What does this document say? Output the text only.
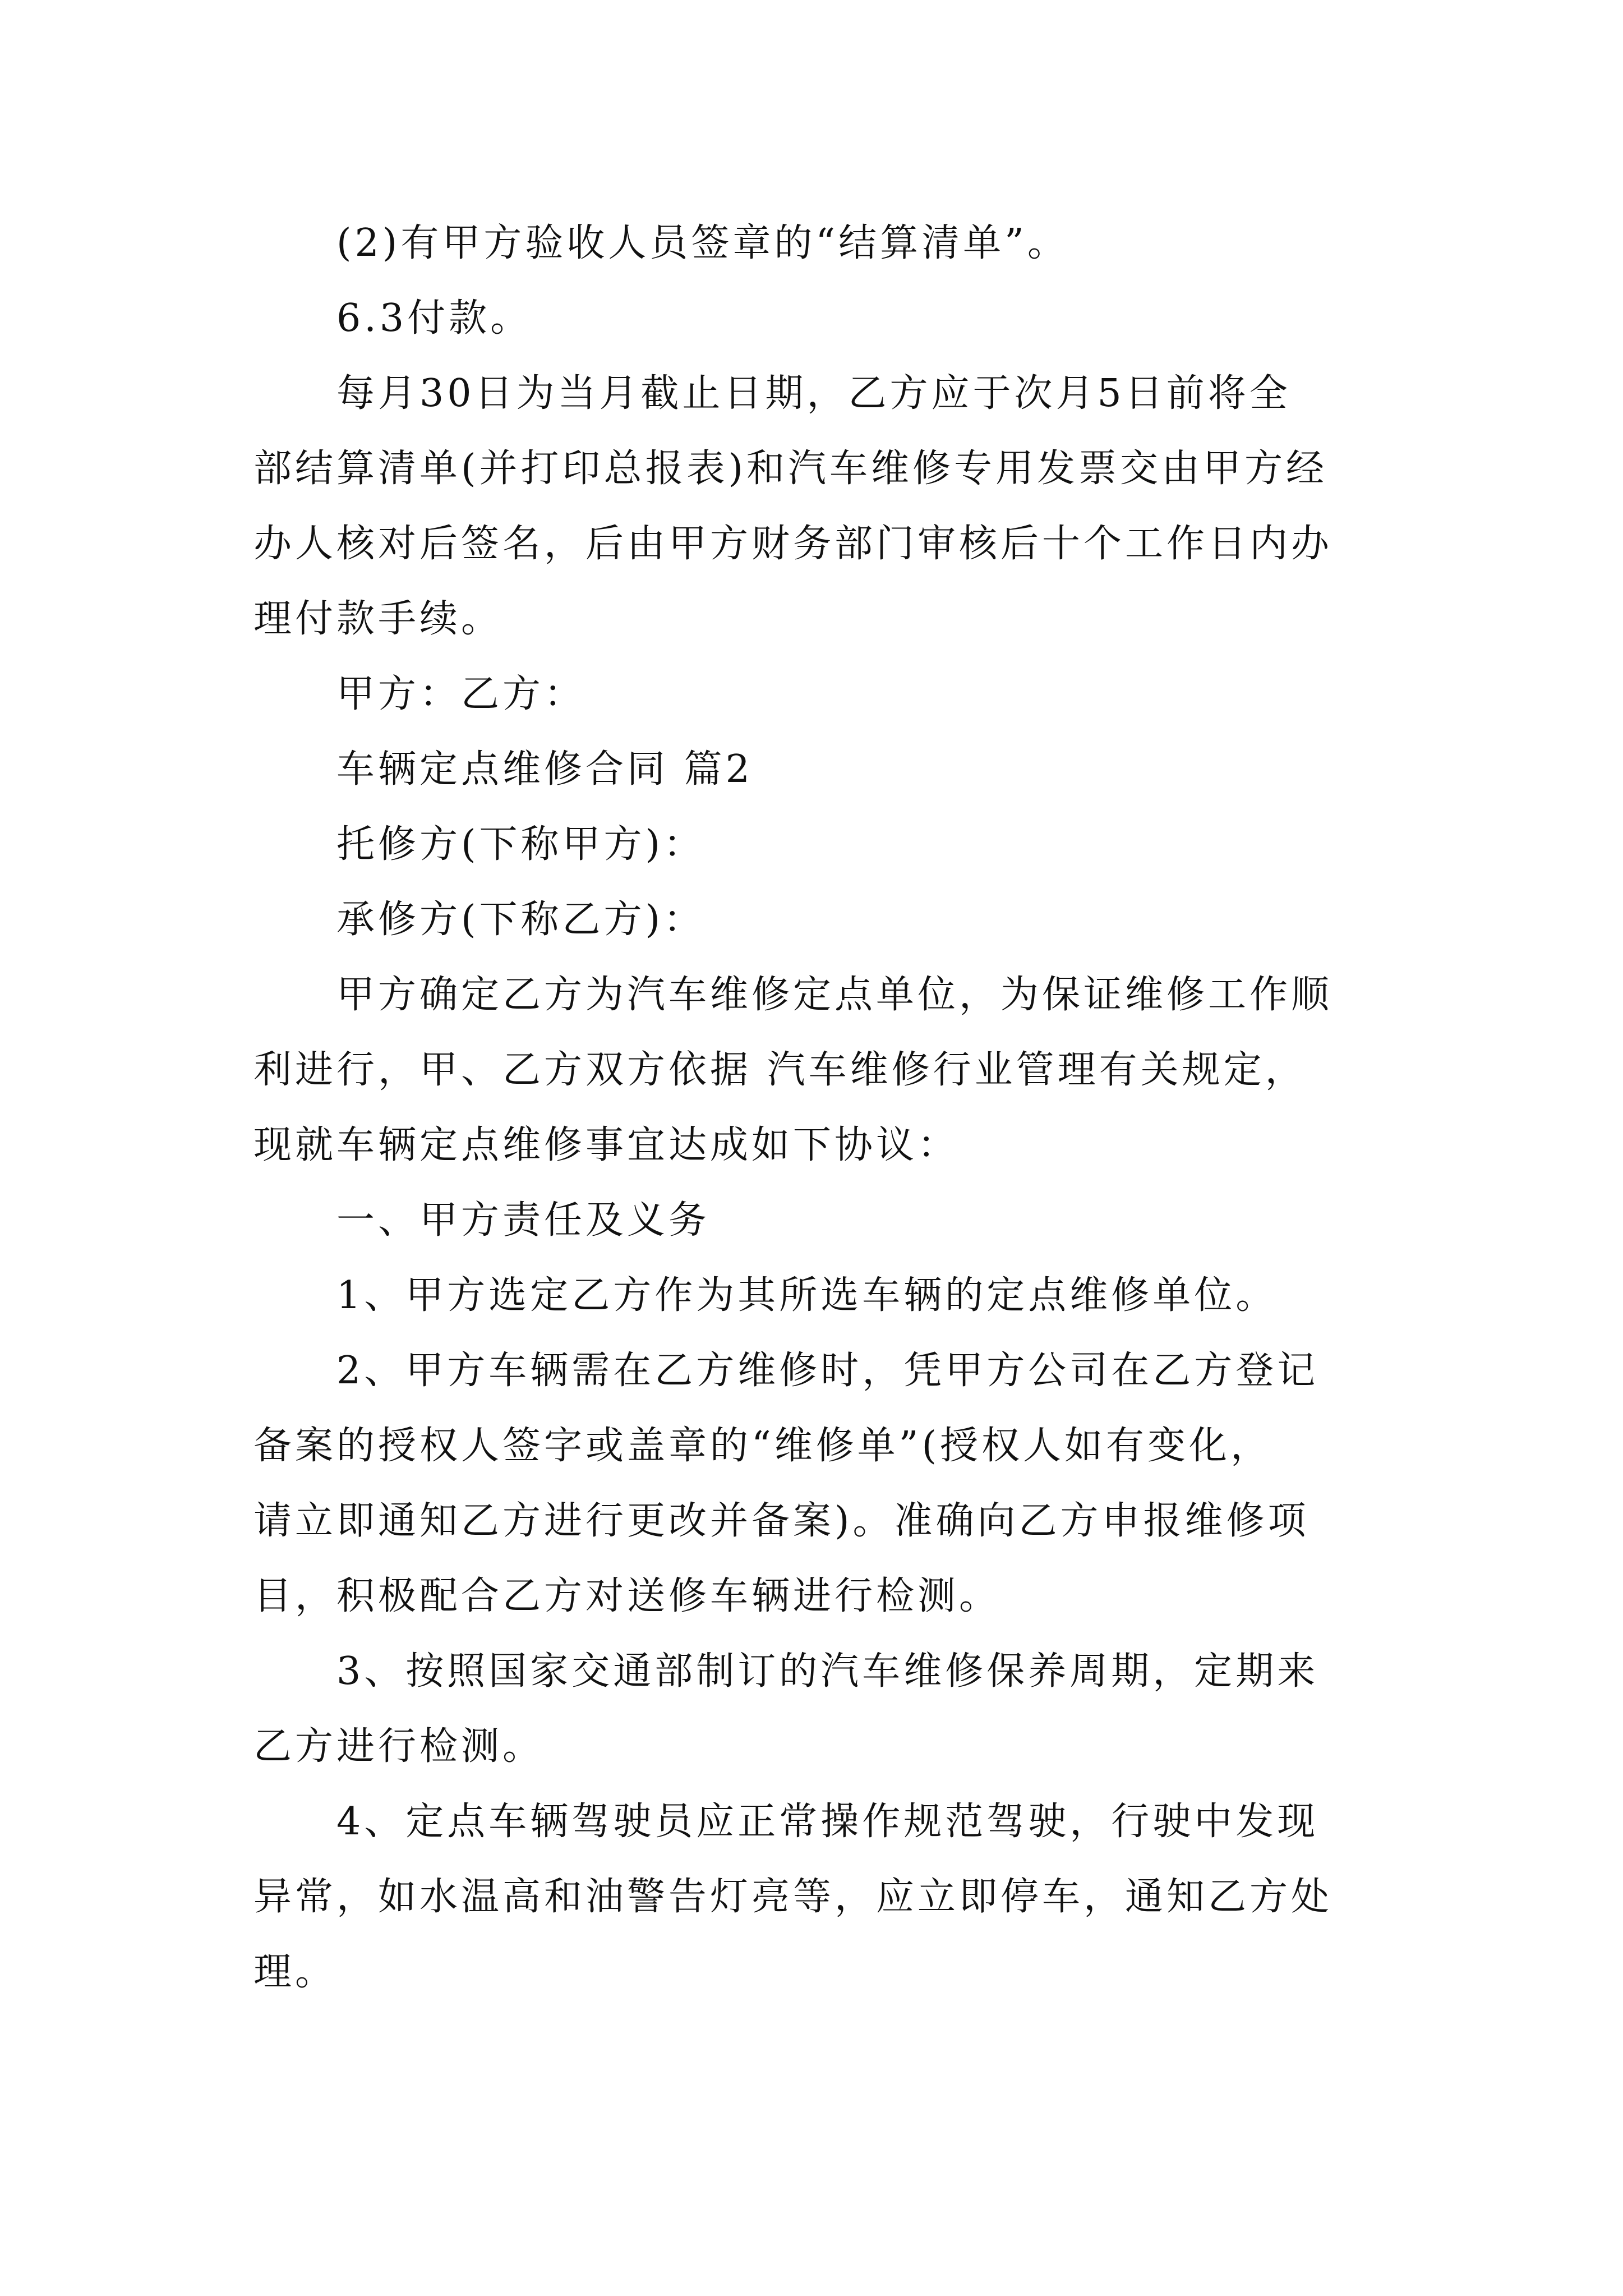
(2)有甲方验收人员签章的“结算清单”。
6.3付款。
每月30日为当月截止日期，乙方应于次月5日前将全
部结算清单(并打印总报表)和汽车维修专用发票交由甲方经
办人核对后签名，后由甲方财务部门审核后十个工作日内办
理付款手续。
甲方：乙方：
车辆定点维修合同 篇2
托修方(下称甲方)：
承修方(下称乙方)：
甲方确定乙方为汽车维修定点单位，为保证维修工作顺
利进行，甲、乙方双方依据 汽车维修行业管理有关规定，
现就车辆定点维修事宜达成如下协议：
一、甲方责任及义务
1、甲方选定乙方作为其所选车辆的定点维修单位。
2、甲方车辆需在乙方维修时，凭甲方公司在乙方登记
备案的授权人签字或盖章的“维修单”(授权人如有变化，
请立即通知乙方进行更改并备案)。准确向乙方申报维修项
目，积极配合乙方对送修车辆进行检测。
3、按照国家交通部制订的汽车维修保养周期，定期来
乙方进行检测。
4、定点车辆驾驶员应正常操作规范驾驶，行驶中发现
异常，如水温高和油警告灯亮等，应立即停车，通知乙方处
理。
